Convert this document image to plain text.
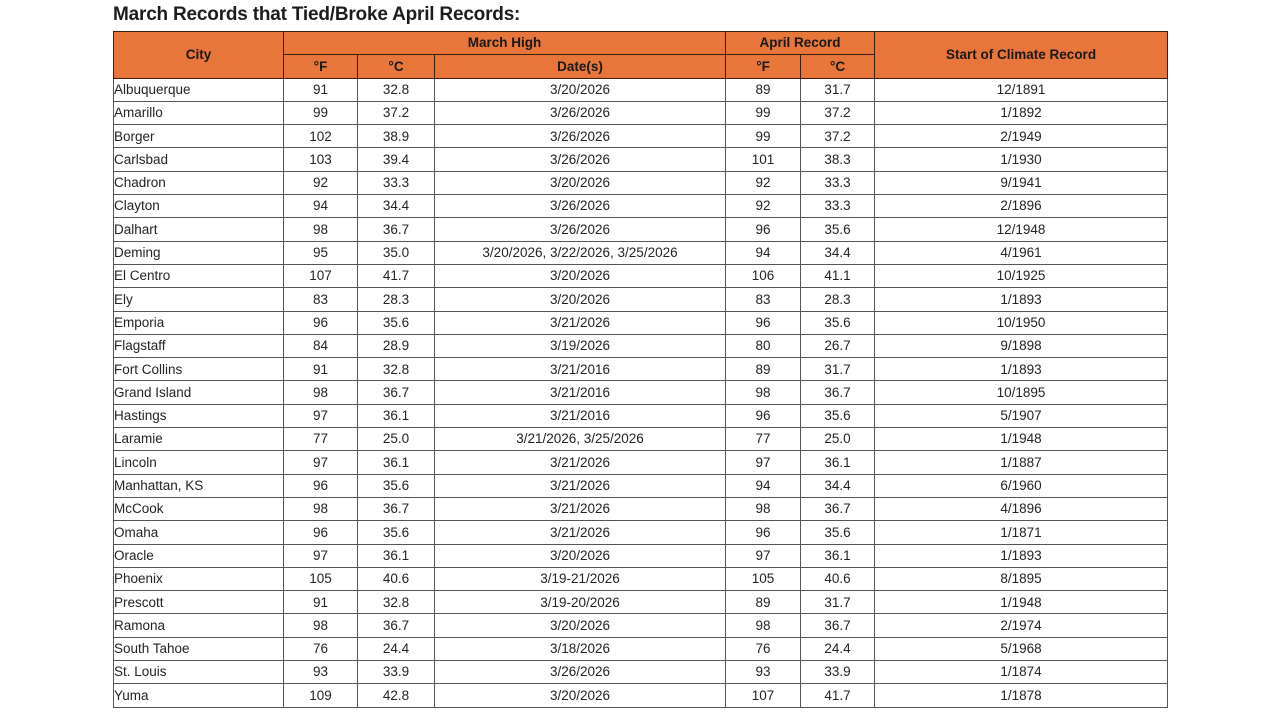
March Records that Tied/Broke April Records:
City	March High			April Record		Start of Climate Record
	°F	°C	Date(s)	°F	°C	
Albuquerque	91	32.8	3/20/2026	89	31.7	12/1891
Amarillo	99	37.2	3/26/2026	99	37.2	1/1892
Borger	102	38.9	3/26/2026	99	37.2	2/1949
Carlsbad	103	39.4	3/26/2026	101	38.3	1/1930
Chadron	92	33.3	3/20/2026	92	33.3	9/1941
Clayton	94	34.4	3/26/2026	92	33.3	2/1896
Dalhart	98	36.7	3/26/2026	96	35.6	12/1948
Deming	95	35.0	3/20/2026, 3/22/2026, 3/25/2026	94	34.4	4/1961
El Centro	107	41.7	3/20/2026	106	41.1	10/1925
Ely	83	28.3	3/20/2026	83	28.3	1/1893
Emporia	96	35.6	3/21/2026	96	35.6	10/1950
Flagstaff	84	28.9	3/19/2026	80	26.7	9/1898
Fort Collins	91	32.8	3/21/2016	89	31.7	1/1893
Grand Island	98	36.7	3/21/2016	98	36.7	10/1895
Hastings	97	36.1	3/21/2016	96	35.6	5/1907
Laramie	77	25.0	3/21/2026, 3/25/2026	77	25.0	1/1948
Lincoln	97	36.1	3/21/2026	97	36.1	1/1887
Manhattan, KS	96	35.6	3/21/2026	94	34.4	6/1960
McCook	98	36.7	3/21/2026	98	36.7	4/1896
Omaha	96	35.6	3/21/2026	96	35.6	1/1871
Oracle	97	36.1	3/20/2026	97	36.1	1/1893
Phoenix	105	40.6	3/19-21/2026	105	40.6	8/1895
Prescott	91	32.8	3/19-20/2026	89	31.7	1/1948
Ramona	98	36.7	3/20/2026	98	36.7	2/1974
South Tahoe	76	24.4	3/18/2026	76	24.4	5/1968
St. Louis	93	33.9	3/26/2026	93	33.9	1/1874
Yuma	109	42.8	3/20/2026	107	41.7	1/1878
